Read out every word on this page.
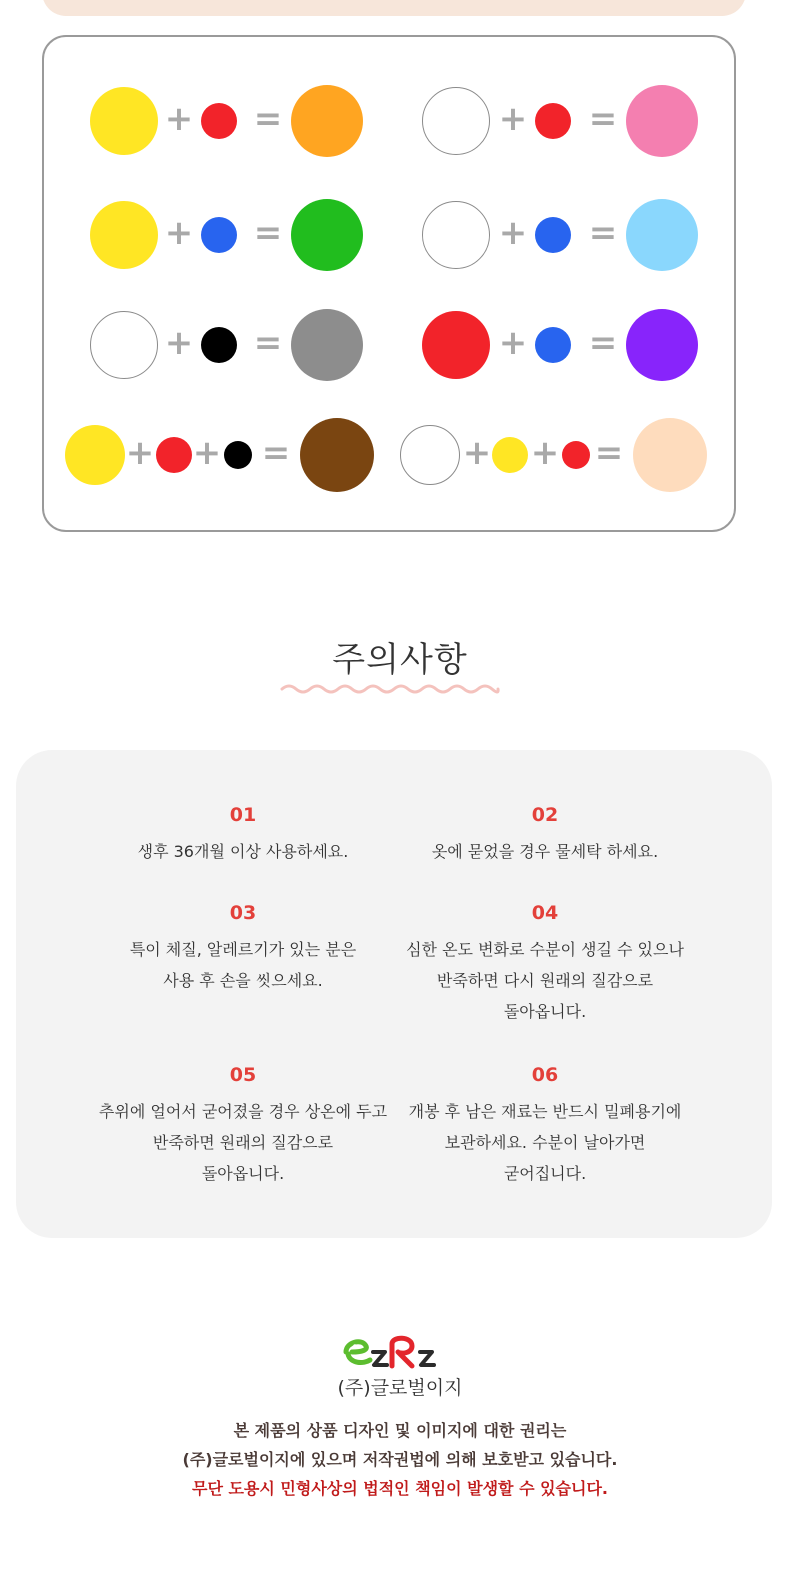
+ =	+ =
+ =	+ =
+ =	+ =
+ + =	+ + =
주의사항
01
생후 36개월 이상 사용하세요.
02
옷에 묻었을 경우 물세탁 하세요.
03
특이 체질, 알레르기가 있는 분은
사용 후 손을 씻으세요.
04
심한 온도 변화로 수분이 생길 수 있으나
반죽하면 다시 원래의 질감으로
돌아옵니다.
05
추위에 얼어서 굳어졌을 경우 상온에 두고
반죽하면 원래의 질감으로
돌아옵니다.
06
개봉 후 남은 재료는 반드시 밀폐용기에
보관하세요. 수분이 날아가면
굳어집니다.
(주)글로벌이지
본 제품의 상품 디자인 및 이미지에 대한 권리는
(주)글로벌이지에 있으며 저작권법에 의해 보호받고 있습니다.
무단 도용시 민형사상의 법적인 책임이 발생할 수 있습니다.
